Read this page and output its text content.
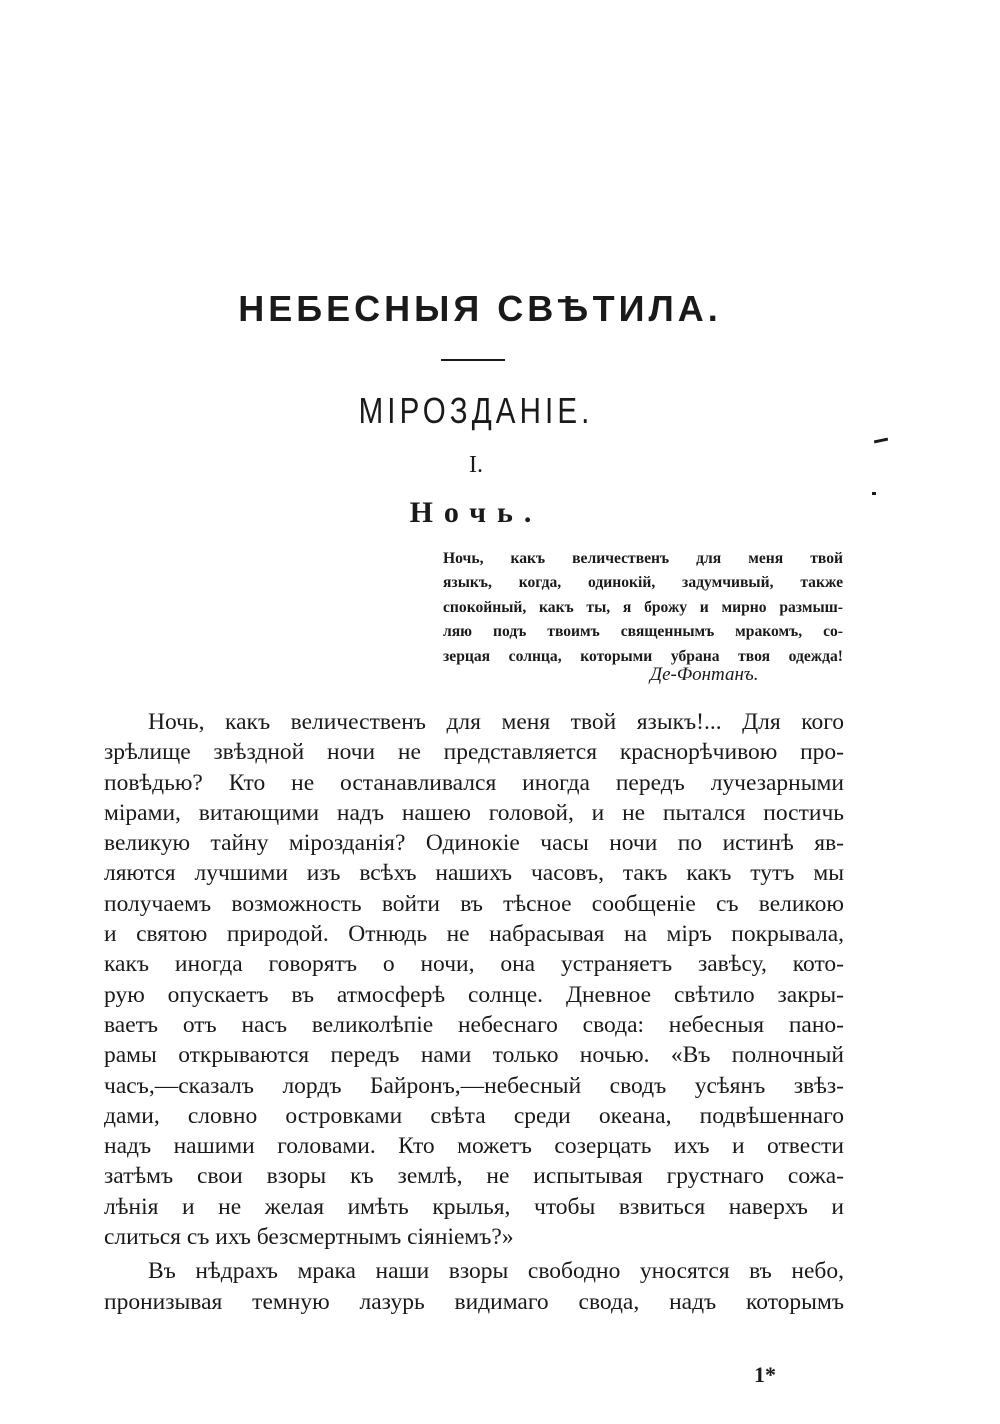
НЕБЕСНЫЯ СВѢТИЛА.
МІРОЗДАНІЕ.
I.
Ночь.
Ночь, какъ величественъ для меня твой
языкъ, когда, одинокій, задумчивый, также
спокойный, какъ ты, я брожу и мирно размыш-
ляю подъ твоимъ священнымъ мракомъ, со-
зерцая солнца, которыми убрана твоя одежда!
Де-Фонтанъ.
Ночь, какъ величественъ для меня твой языкъ!... Для кого
зрѣлище звѣздной ночи не представляется краснорѣчивою про-
повѣдью? Кто не останавливался иногда передъ лучезарными
мірами, витающими надъ нашею головой, и не пытался постичь
великую тайну мірозданія? Одинокіе часы ночи по истинѣ яв-
ляются лучшими изъ всѣхъ нашихъ часовъ, такъ какъ тутъ мы
получаемъ возможность войти въ тѣсное сообщеніе съ великою
и святою природой. Отнюдь не набрасывая на міръ покрывала,
какъ иногда говорятъ о ночи, она устраняетъ завѣсу, кото-
рую опускаетъ въ атмосферѣ солнце. Дневное свѣтило закры-
ваетъ отъ насъ великолѣпіе небеснаго свода: небесныя пано-
рамы открываются передъ нами только ночью. «Въ полночный
часъ,—сказалъ лордъ Байронъ,—небесный сводъ усѣянъ звѣз-
дами, словно островками свѣта среди океана, подвѣшеннаго
надъ нашими головами. Кто можетъ созерцать ихъ и отвести
затѣмъ свои взоры къ землѣ, не испытывая грустнаго сожа-
лѣнія и не желая имѣть крылья, чтобы взвиться наверхъ и
слиться съ ихъ безсмертнымъ сіяніемъ?»
Въ нѣдрахъ мрака наши взоры свободно уносятся въ небо,
пронизывая темную лазурь видимаго свода, надъ которымъ
1*
